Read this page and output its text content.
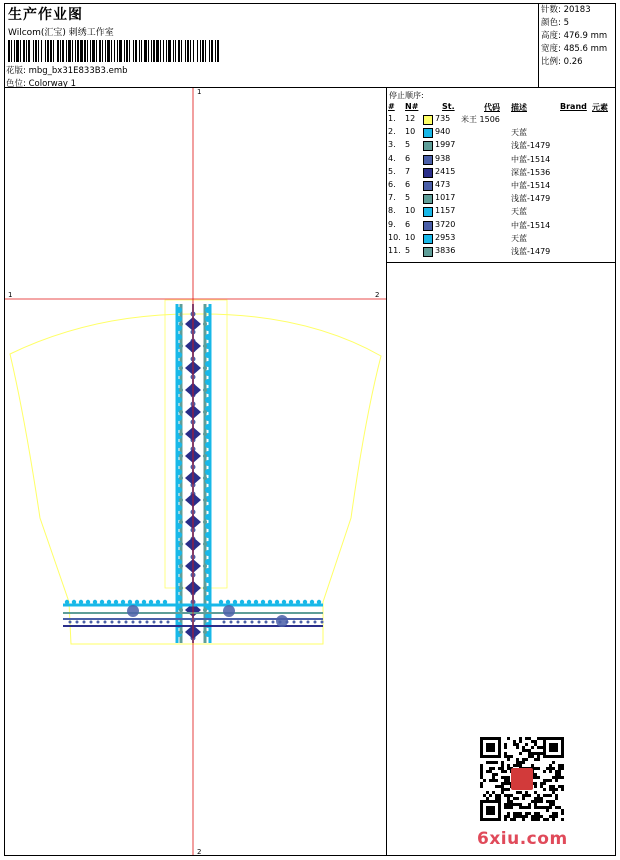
生产作业图
Wilcom(汇宝) 刺绣工作室
花版: mbg_bx31E833B3.emb
色位: Colorway 1
针数: 20183
颜色: 5
高度: 476.9 mm
宽度: 485.6 mm
比例: 0.26
1
2
1	2
停止顺序:
# N#	St.	代码 描述	Brand 元素
1. 12 735 米王 1506
2. 10 940	天蓝
3. 5	1997	浅蓝-1479
4. 6	938	中蓝-1514
5. 7	2415	深蓝-1536
6. 6	473	中蓝-1514
7. 5	1017	浅蓝-1479
8. 10 1157	天蓝
9. 6	3720	中蓝-1514
10. 10 2953	天蓝
11. 5	3836	浅蓝-1479
6xiu.com
